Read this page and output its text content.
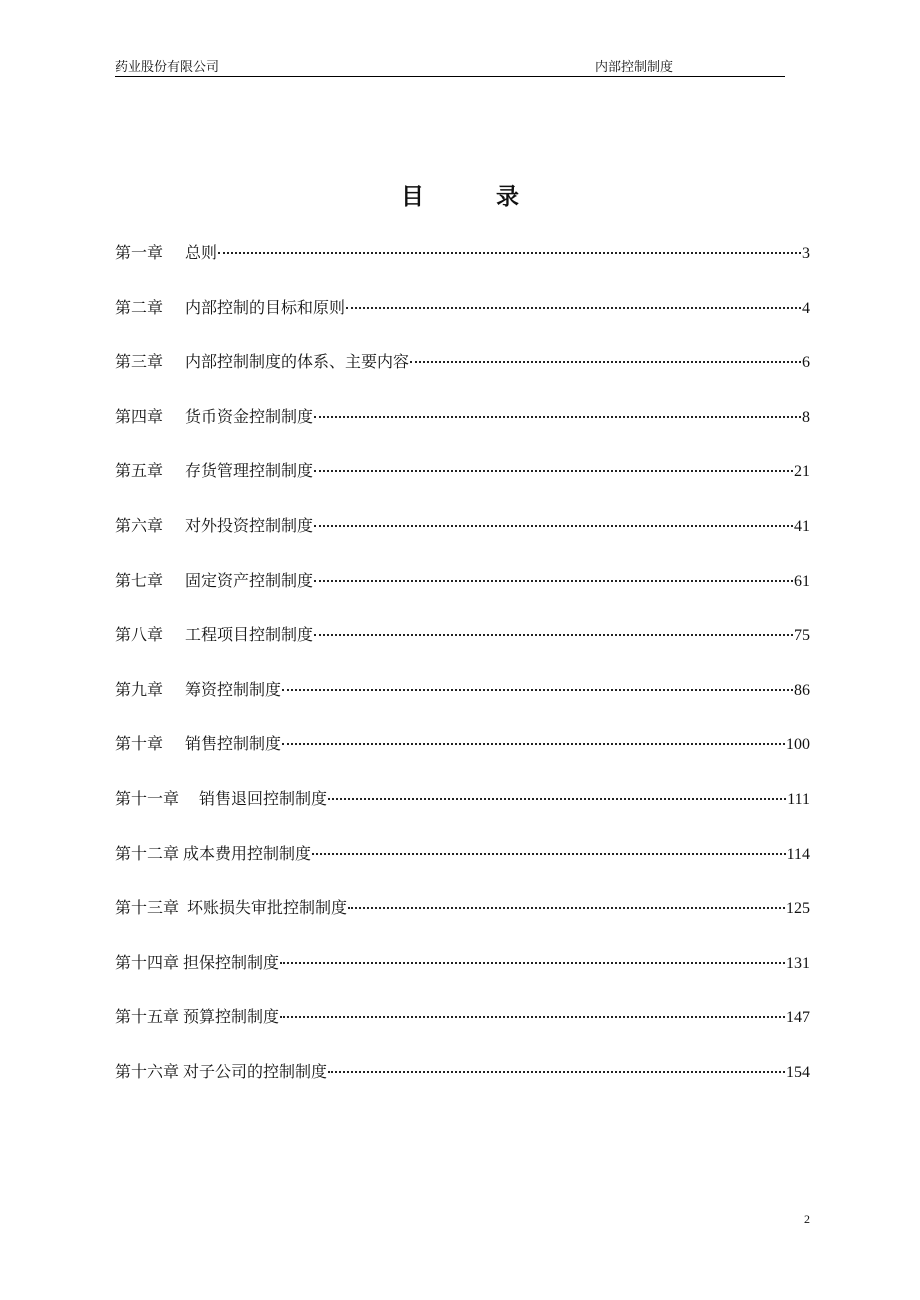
药业股份有限公司	内部控制制度
目	录
第一章 总则	3
第二章 内部控制的目标和原则	4
第三章 内部控制制度的体系、主要内容	6
第四章 货币资金控制制度	8
第五章 存货管理控制制度	21
第六章 对外投资控制制度	41
第七章 固定资产控制制度	61
第八章 工程项目控制制度	75
第九章 筹资控制制度	86
第十章 销售控制制度	100
第十一章 销售退回控制制度	111
第十二章 成本费用控制制度	114
第十三章 坏账损失审批控制制度	125
第十四章 担保控制制度	131
第十五章 预算控制制度	147
第十六章 对子公司的控制制度	154
2
